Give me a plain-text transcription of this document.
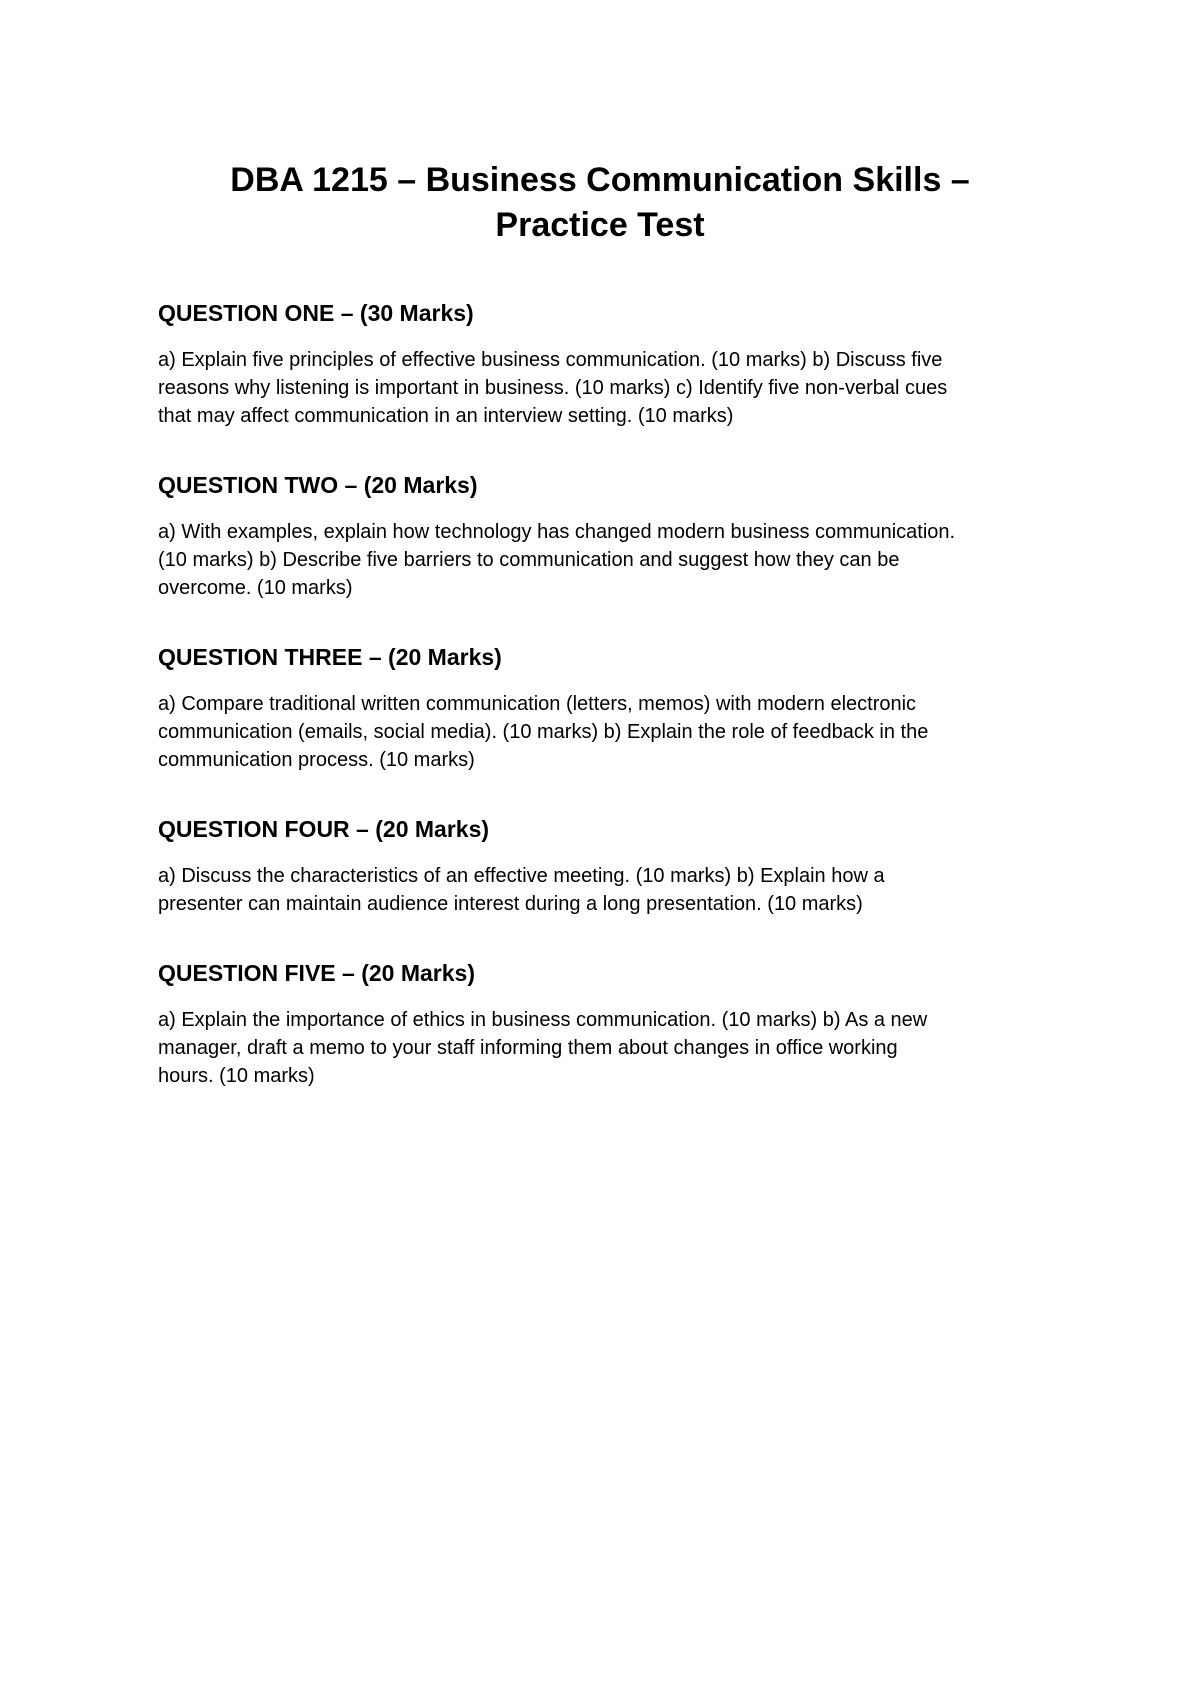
DBA 1215 – Business Communication Skills –

Practice Test

QUESTION ONE – (30 Marks)

a) Explain five principles of effective business communication. (10 marks) b) Discuss five
reasons why listening is important in business. (10 marks) c) Identify five non-verbal cues
that may affect communication in an interview setting. (10 marks)

QUESTION TWO – (20 Marks)

a) With examples, explain how technology has changed modern business communication.
(10 marks) b) Describe five barriers to communication and suggest how they can be
overcome. (10 marks)

QUESTION THREE – (20 Marks)

a) Compare traditional written communication (letters, memos) with modern electronic
communication (emails, social media). (10 marks) b) Explain the role of feedback in the
communication process. (10 marks)

QUESTION FOUR – (20 Marks)

a) Discuss the characteristics of an effective meeting. (10 marks) b) Explain how a
presenter can maintain audience interest during a long presentation. (10 marks)

QUESTION FIVE – (20 Marks)

a) Explain the importance of ethics in business communication. (10 marks) b) As a new
manager, draft a memo to your staff informing them about changes in office working
hours. (10 marks)
